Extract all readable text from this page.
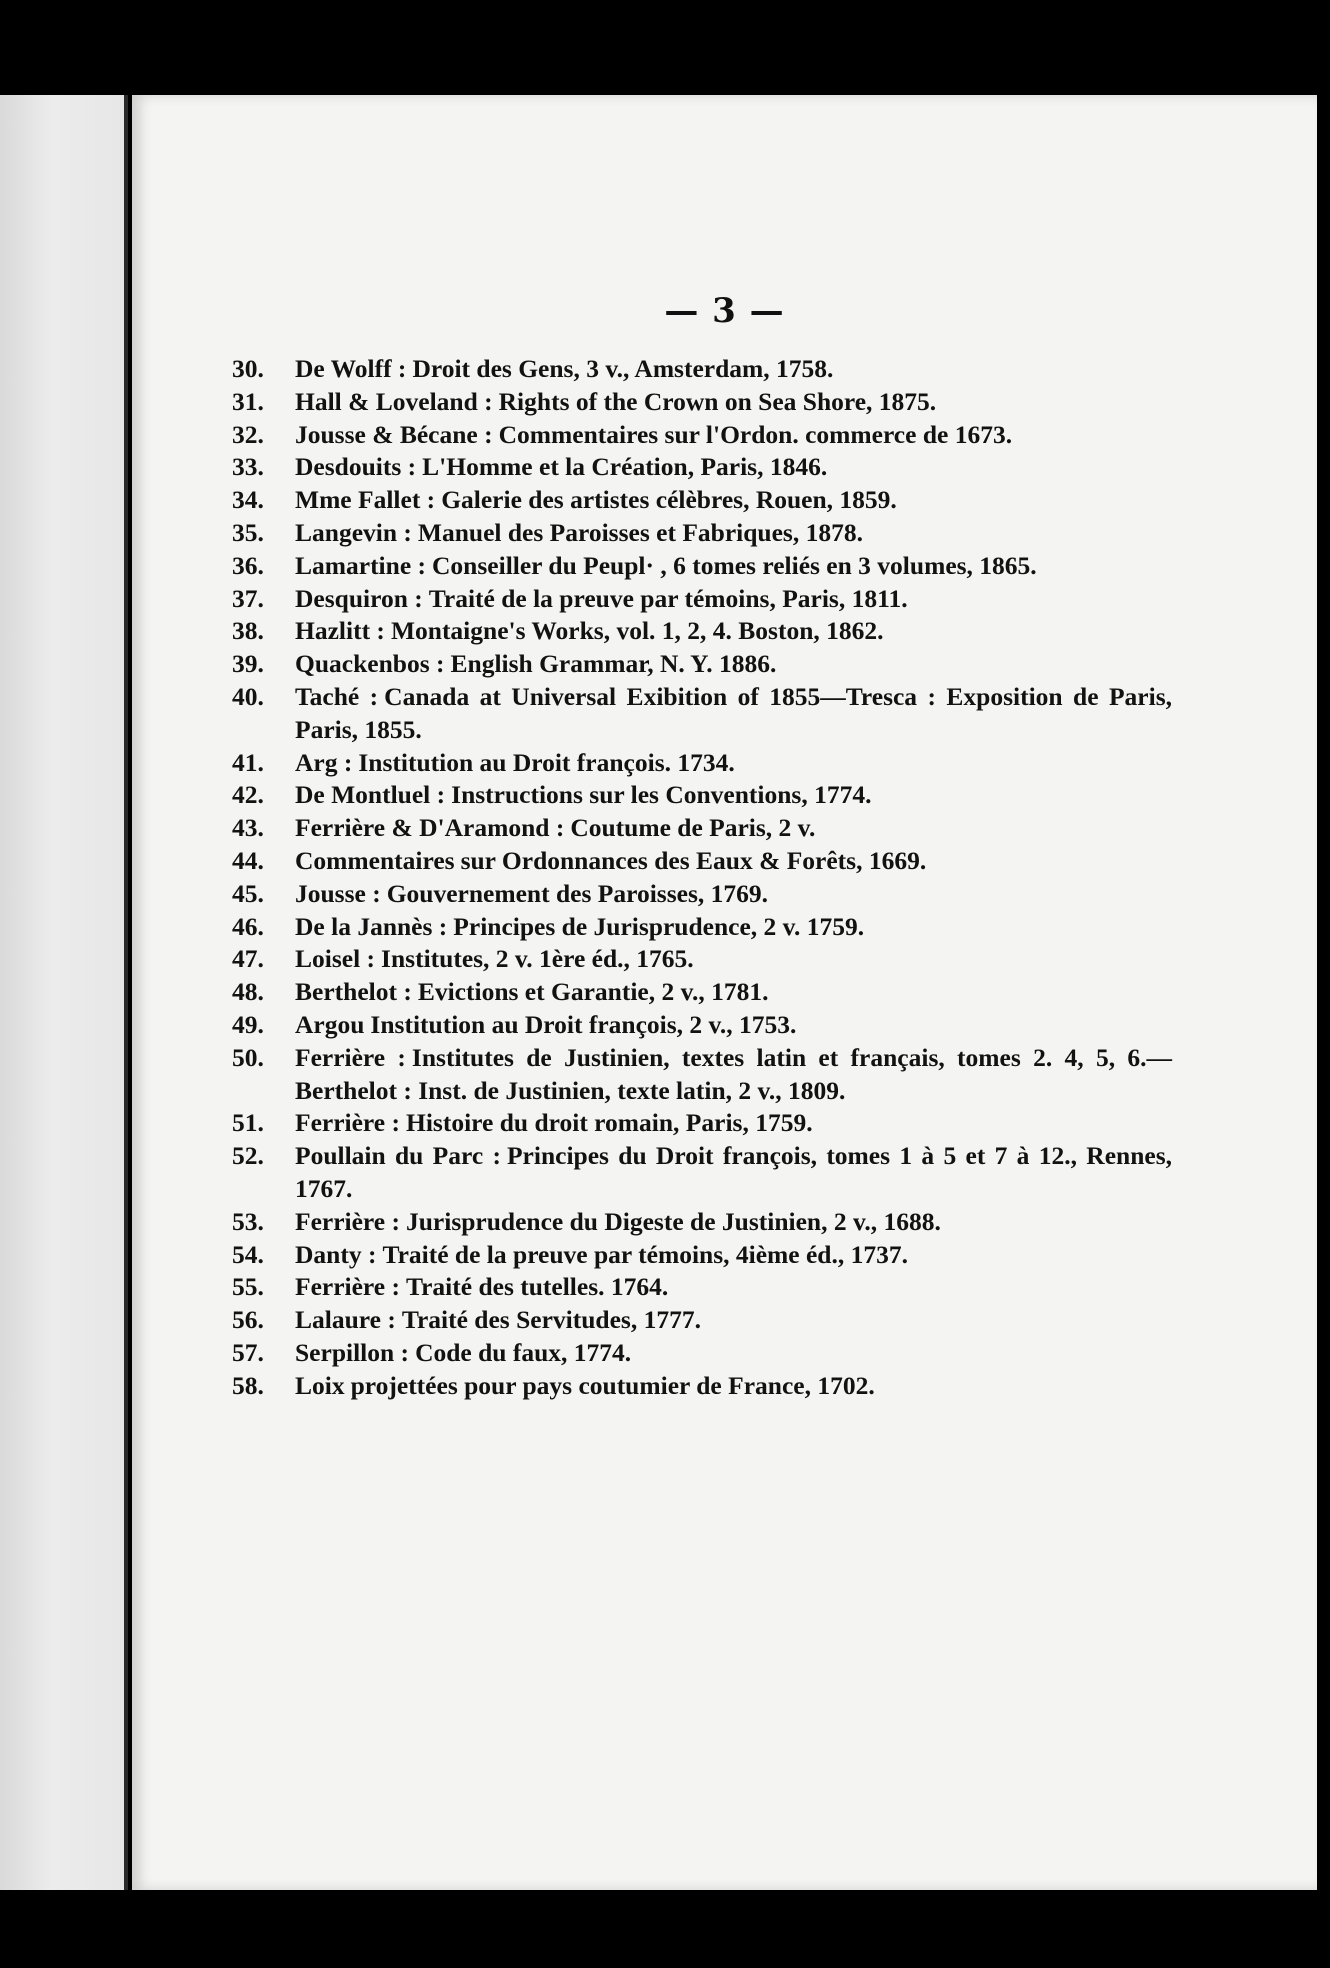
— 3 —
30.	De Wolff : Droit des Gens, 3 v., Amsterdam, 1758.
31.	Hall & Loveland : Rights of the Crown on Sea Shore, 1875.
32.	Jousse & Bécane : Commentaires sur l'Ordon. commerce de 1673.
33.	Desdouits : L'Homme et la Création, Paris, 1846.
34.	Mme Fallet : Galerie des artistes célèbres, Rouen, 1859.
35.	Langevin : Manuel des Paroisses et Fabriques, 1878.
36.	Lamartine : Conseiller du Peupl· , 6 tomes reliés en 3 volumes, 1865.
37.	Desquiron : Traité de la preuve par témoins, Paris, 1811.
38.	Hazlitt : Montaigne's Works, vol. 1, 2, 4. Boston, 1862.
39.	Quackenbos : English Grammar, N. Y. 1886.
40.	Taché : Canada at Universal Exibition of 1855—Tresca : Exposition de Paris, Paris, 1855.
41.	Arg : Institution au Droit françois. 1734.
42.	De Montluel : Instructions sur les Conventions, 1774.
43.	Ferrière & D'Aramond : Coutume de Paris, 2 v.
44.	Commentaires sur Ordonnances des Eaux & Forêts, 1669.
45.	Jousse : Gouvernement des Paroisses, 1769.
46.	De la Jannès : Principes de Jurisprudence, 2 v. 1759.
47.	Loisel : Institutes, 2 v. 1ère éd., 1765.
48.	Berthelot : Evictions et Garantie, 2 v., 1781.
49.	Argou Institution au Droit françois, 2 v., 1753.
50.	Ferrière : Institutes de Justinien, textes latin et français, tomes 2. 4, 5, 6.—Berthelot : Inst. de Justinien, texte latin, 2 v., 1809.
51.	Ferrière : Histoire du droit romain, Paris, 1759.
52.	Poullain du Parc : Principes du Droit françois, tomes 1 à 5 et 7 à 12., Rennes, 1767.
53.	Ferrière : Jurisprudence du Digeste de Justinien, 2 v., 1688.
54.	Danty : Traité de la preuve par témoins, 4ième éd., 1737.
55.	Ferrière : Traité des tutelles. 1764.
56.	Lalaure : Traité des Servitudes, 1777.
57.	Serpillon : Code du faux, 1774.
58.	Loix projettées pour pays coutumier de France, 1702.
